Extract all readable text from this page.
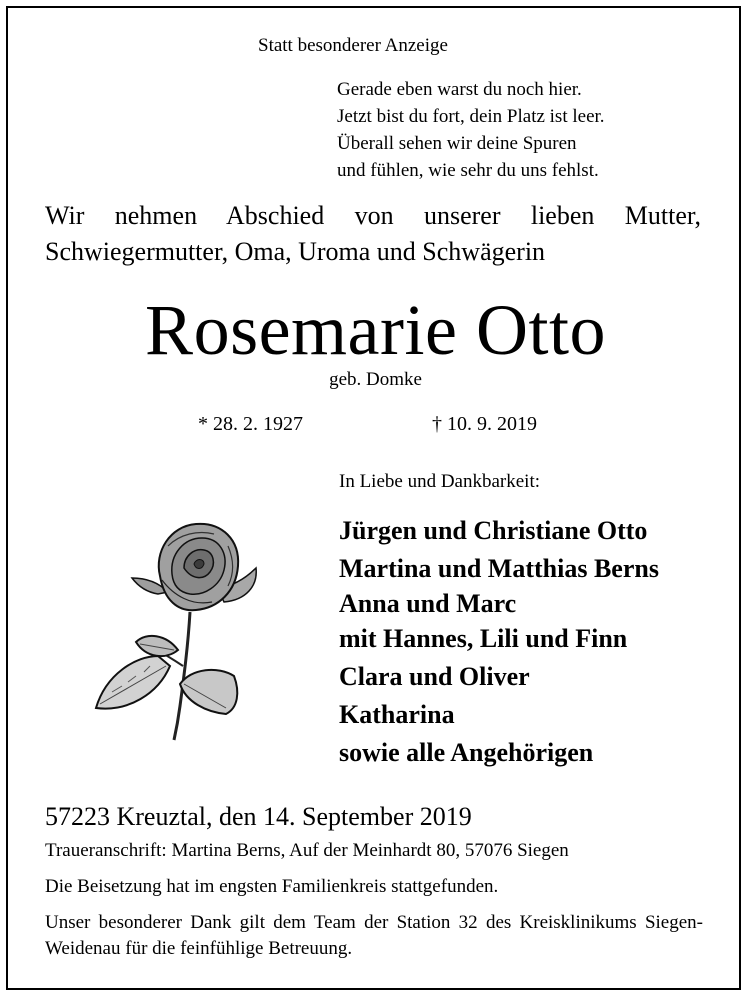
Statt besonderer Anzeige
Gerade eben warst du noch hier.
Jetzt bist du fort, dein Platz ist leer.
Überall sehen wir deine Spuren
und fühlen, wie sehr du uns fehlst.
Wir nehmen Abschied von unserer lieben Mutter, Schwiegermutter, Oma, Uroma und Schwägerin
Rosemarie Otto
geb. Domke
* 28. 2. 1927	† 10. 9. 2019
In Liebe und Dankbarkeit:
Jürgen und Christiane Otto
Martina und Matthias Berns
Anna und Marc
mit Hannes, Lili und Finn
Clara und Oliver
Katharina
sowie alle Angehörigen
57223 Kreuztal, den 14. September 2019
Traueranschrift: Martina Berns, Auf der Meinhardt 80, 57076 Siegen
Die Beisetzung hat im engsten Familienkreis stattgefunden.
Unser besonderer Dank gilt dem Team der Station 32 des Kreisklinikums Siegen-Weidenau für die feinfühlige Betreuung.
